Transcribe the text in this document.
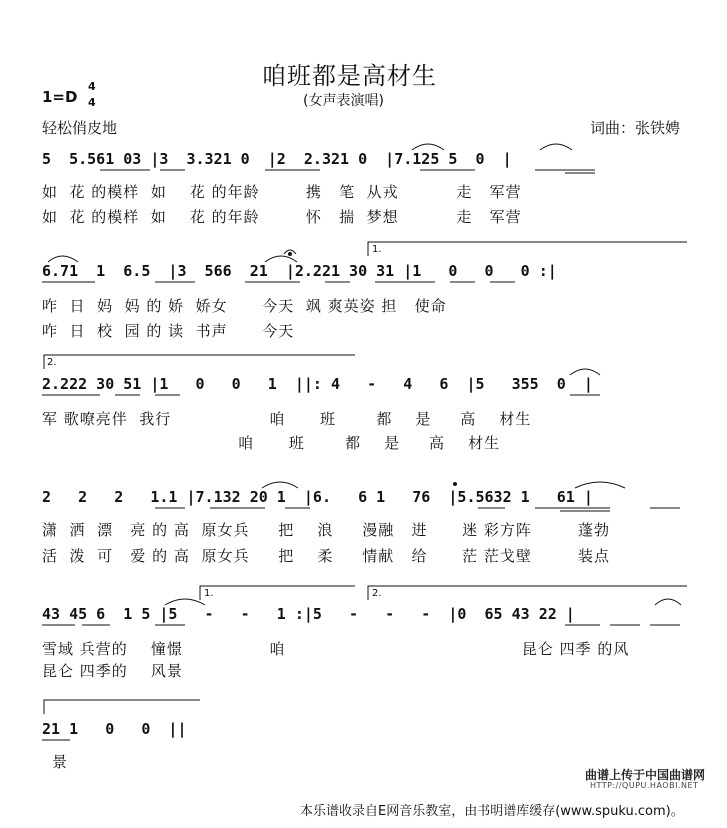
咱班都是高材生
(女声表演唱)
1=D
4
4
轻松俏皮地	词曲：张铁娉
5  5.561 03 |3  3.321 0  |2  2.321 0  |7.125 5  0  |
如  花 的模样  如    花 的年龄        携   笔  从戎          走   军营
如  花 的模样  如    花 的年龄        怀   揣  梦想          走   军营
6.71  1  6.5  |3  566  21  |2.221 30 31 |1   0   0   0 :|
咋  日  妈  妈 的 娇  娇女      今天  飒 爽英姿 担   使命
咋  日  校  园 的 读  书声      今天
2.222 30 51 |1   0   0   1  ||: 4   -   4   6  |5   355  0  |
军 歌嘹亮伴  我行                 咱      班       都    是     高    材生
咱      班       都    是     高    材生
2   2   2   1.1 |7.132 20 1  |6.   6 1   76  |5.5632 1   61 |
潇  洒  漂   亮 的 高  原女兵     把    浪     漫融   进      迷 彩方阵        蓬勃
活  泼  可   爱 的 高  原女兵     把    柔     情献   给      茫 茫戈壁        装点
43 45 6  1 5 |5   -   -   1 :|5   -   -   -  |0  65 43 22 |
雪域 兵营的    憧憬               咱                                         昆仑 四季 的风
昆仑 四季的    风景
21 1   0   0  ||
景
曲谱上传于中国曲谱网
HTTP://QUPU.HAOBI.NET
本乐谱收录自E网音乐教室，由书明谱库缓存(www.spuku.com)。
1.
2.
1.	2.
